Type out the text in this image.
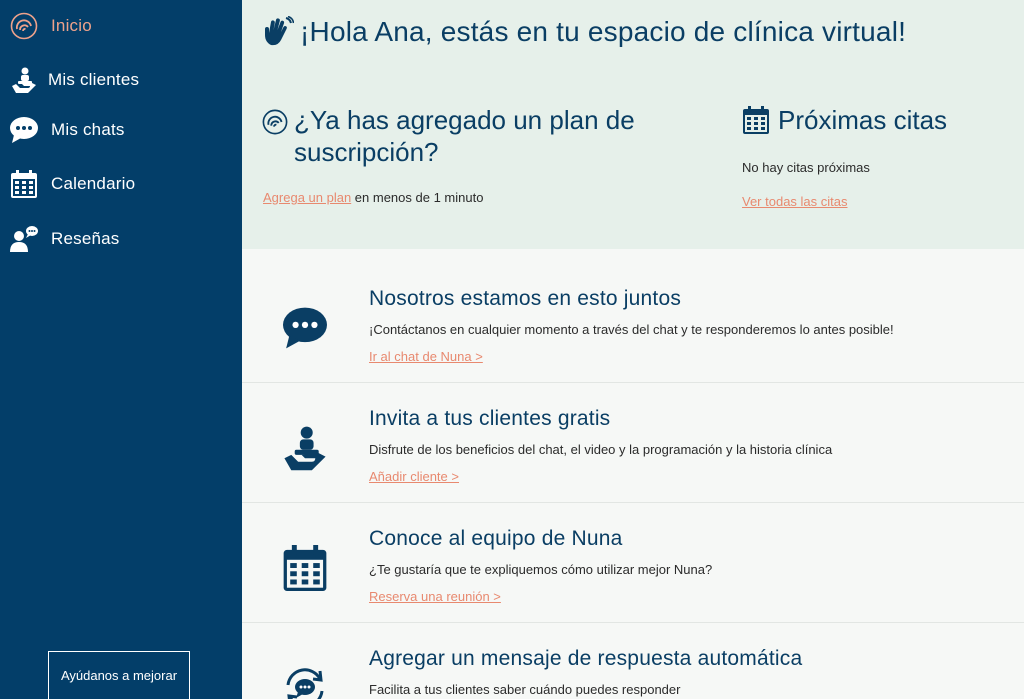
Inicio
Mis clientes
Mis chats
Calendario
Reseñas
Ayúdanos a mejorar
¡Hola Ana, estás en tu espacio de clínica virtual!
¿Ya has agregado un plan de suscripción?
Agrega un plan en menos de 1 minuto
Próximas citas
No hay citas próximas
Ver todas las citas
Nosotros estamos en esto juntos

¡Contáctanos en cualquier momento a través del chat y te responderemos lo antes posible!

Ir al chat de Nuna >
Invita a tus clientes gratis

Disfrute de los beneficios del chat, el video y la programación y la historia clínica

Añadir cliente >
Conoce al equipo de Nuna

¿Te gustaría que te expliquemos cómo utilizar mejor Nuna?

Reserva una reunión >
Agregar un mensaje de respuesta automática

Facilita a tus clientes saber cuándo puedes responder
